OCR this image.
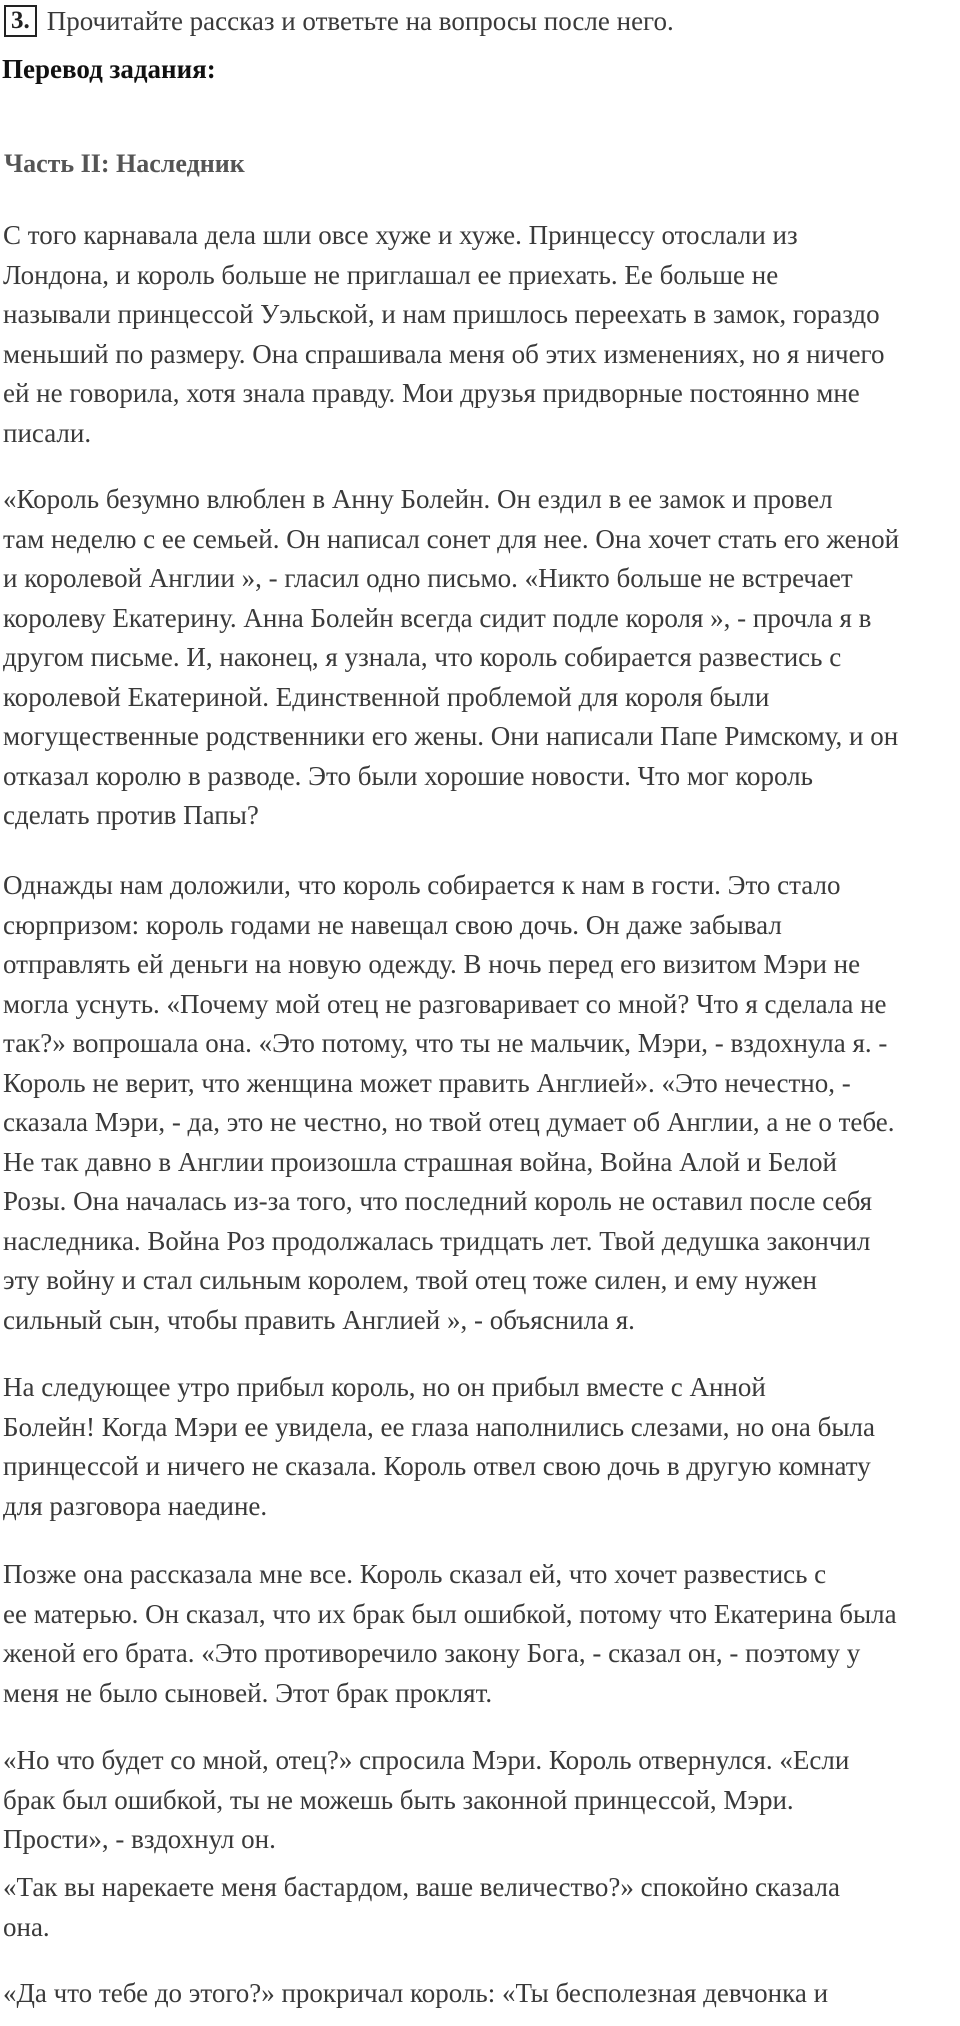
3. Прочитайте рассказ и ответьте на вопросы после него.
Перевод задания:
Часть II: Наследник
С того карнавала дела шли овсе хуже и хуже. Принцессу отослали из
Лондона, и король больше не приглашал ее приехать. Ее больше не
называли принцессой Уэльской, и нам пришлось переехать в замок, гораздо
меньший по размеру. Она спрашивала меня об этих изменениях, но я ничего
ей не говорила, хотя знала правду. Мои друзья придворные постоянно мне
писали.
«Король безумно влюблен в Анну Болейн. Он ездил в ее замок и провел
там неделю с ее семьей. Он написал сонет для нее. Она хочет стать его женой
и королевой Англии », - гласил одно письмо. «Никто больше не встречает
королеву Екатерину. Анна Болейн всегда сидит подле короля », - прочла я в
другом письме. И, наконец, я узнала, что король собирается развестись с
королевой Екатериной. Единственной проблемой для короля были
могущественные родственники его жены. Они написали Папе Римскому, и он
отказал королю в разводе. Это были хорошие новости. Что мог король
сделать против Папы?
Однажды нам доложили, что король собирается к нам в гости. Это стало
сюрпризом: король годами не навещал свою дочь. Он даже забывал
отправлять ей деньги на новую одежду. В ночь перед его визитом Мэри не
могла уснуть. «Почему мой отец не разговаривает со мной? Что я сделала не
так?» вопрошала она. «Это потому, что ты не мальчик, Мэри, - вздохнула я. -
Король не верит, что женщина может править Англией». «Это нечестно, -
сказала Мэри, - да, это не честно, но твой отец думает об Англии, а не о тебе.
Не так давно в Англии произошла страшная война, Война Алой и Белой
Розы. Она началась из-за того, что последний король не оставил после себя
наследника. Война Роз продолжалась тридцать лет. Твой дедушка закончил
эту войну и стал сильным королем, твой отец тоже силен, и ему нужен
сильный сын, чтобы править Англией », - объяснила я.
На следующее утро прибыл король, но он прибыл вместе с Анной
Болейн! Когда Мэри ее увидела, ее глаза наполнились слезами, но она была
принцессой и ничего не сказала. Король отвел свою дочь в другую комнату
для разговора наедине.
Позже она рассказала мне все. Король сказал ей, что хочет развестись с
ее матерью. Он сказал, что их брак был ошибкой, потому что Екатерина была
женой его брата. «Это противоречило закону Бога, - сказал он, - поэтому у
меня не было сыновей. Этот брак проклят.
«Но что будет со мной, отец?» спросила Мэри. Король отвернулся. «Если
брак был ошибкой, ты не можешь быть законной принцессой, Мэри.
Прости», - вздохнул он.
«Так вы нарекаете меня бастардом, ваше величество?» спокойно сказала
она.
«Да что тебе до этого?» прокричал король: «Ты бесполезная девчонка и
